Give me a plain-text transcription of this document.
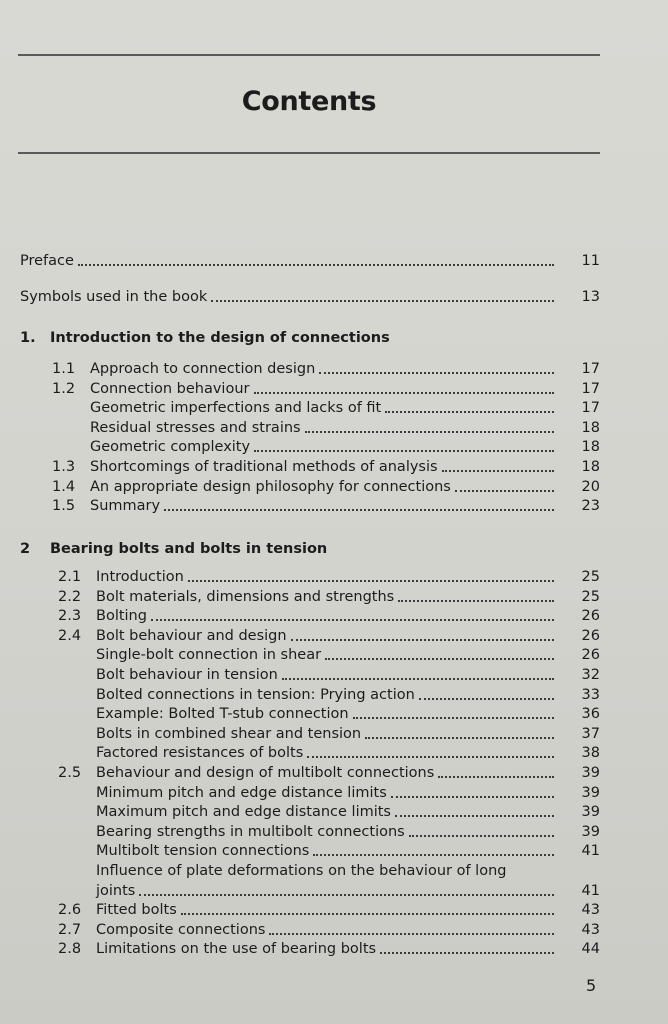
Contents
Preface	11
Symbols used in the book	13
1. Introduction to the design of connections
1.1	Approach to connection design	17
1.2	Connection behaviour	17
Geometric imperfections and lacks of fit	17
Residual stresses and strains	18
Geometric complexity	18
1.3	Shortcomings of traditional methods of analysis	18
1.4	An appropriate design philosophy for connections	20
1.5	Summary	23
2	Bearing bolts and bolts in tension
2.1	Introduction	25
2.2	Bolt materials, dimensions and strengths	25
2.3	Bolting	26
2.4	Bolt behaviour and design	26
Single-bolt connection in shear	26
Bolt behaviour in tension	32
Bolted connections in tension: Prying action	33
Example: Bolted T-stub connection	36
Bolts in combined shear and tension	37
Factored resistances of bolts	38
2.5	Behaviour and design of multibolt connections	39
Minimum pitch and edge distance limits	39
Maximum pitch and edge distance limits	39
Bearing strengths in multibolt connections	39
Multibolt tension connections	41
Influence of plate deformations on the behaviour of long
joints	41
2.6	Fitted bolts	43
2.7	Composite connections	43
2.8	Limitations on the use of bearing bolts	44
5
